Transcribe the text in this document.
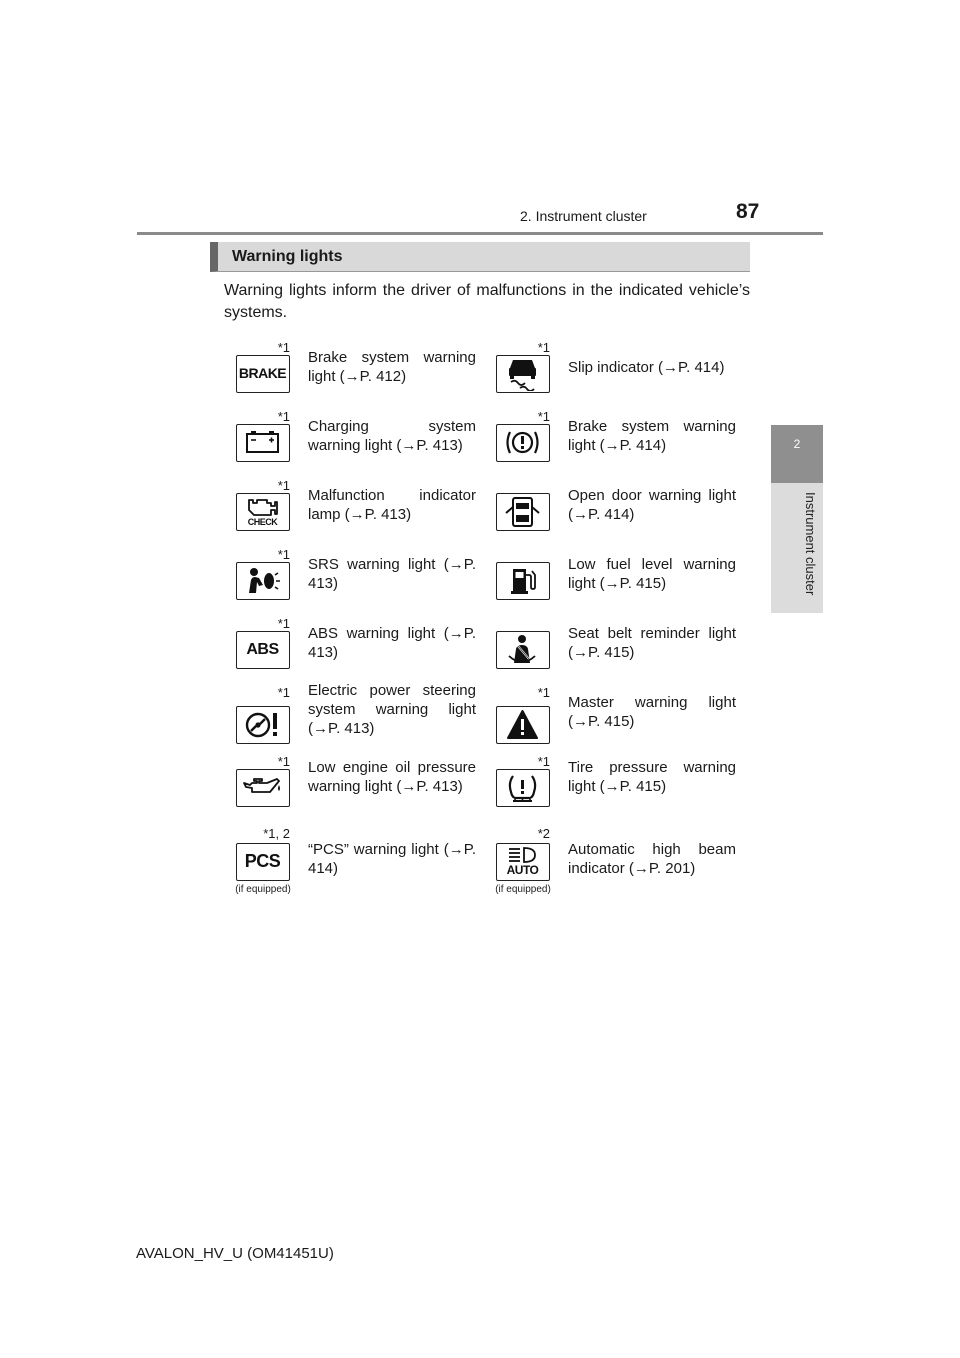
2. Instrument cluster	87
2
Instrument cluster
Warning lights

Warning lights inform the driver of malfunctions in the indicated vehicle’s systems.

*1
BRAKE

Brake system warning light (→P. 412)

*1

Charging system warning light (→P. 413)

*1
CHECK

Malfunction indicator lamp (→P. 413)

*1

SRS warning light (→P. 413)

*1
ABS

ABS warning light (→P. 413)

*1 Electric power steering system warning light (→P. 413)

*1 Low engine oil pressure warning light (→P. 413)

*1, 2
PCS

“PCS” warning light (→P. 414)

(if equipped)
*1

Slip indicator (→P. 414)

*1

Brake system warning light (→P. 414)

Open door warning light (→P. 414)

Low fuel level warning light (→P. 415)

Seat belt reminder light (→P. 415)

*1

Master warning light (→P. 415)

*1 Tire pressure warning light (→P. 415)

*2
AUTO

Automatic high beam indicator (→P. 201)

(if equipped)
AVALON_HV_U (OM41451U)
